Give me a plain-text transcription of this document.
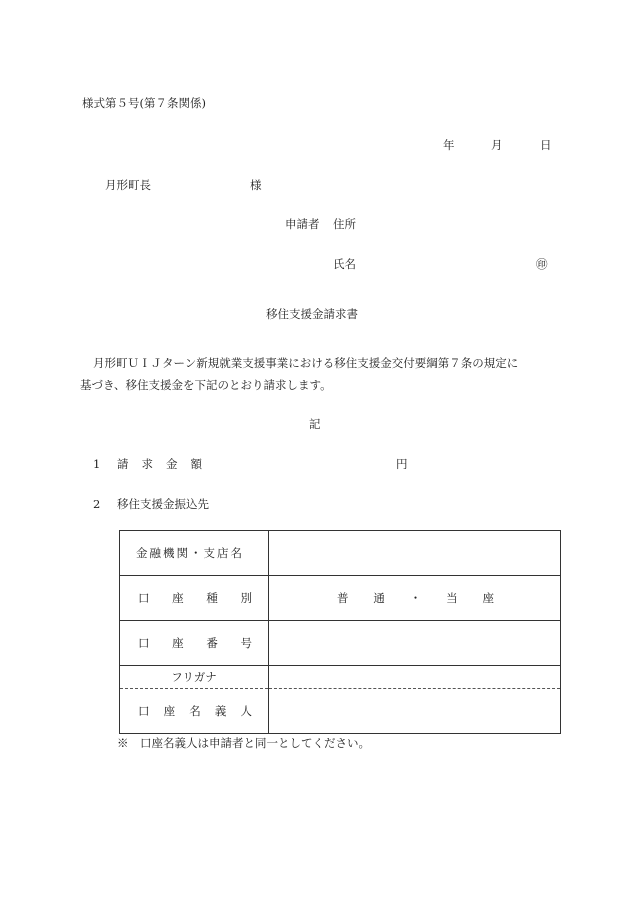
様式第５号(第７条関係)
年	月	日
月形町長	様
申請者 住所
氏名	㊞
移住支援金請求書
月形町ＵＩＪターン新規就業支援事業における移住支援金交付要綱第７条の規定に
基づき、移住支援金を下記のとおり請求します。
記
1 請求金額	円
2 移住支援金振込先
金融機関・支店名	

口 座 種 別	普 通 ・ 当 座

口 座 番 号	

フリガナ	

口 座 名 義 人	

※　口座名義人は申請者と同一としてください。
